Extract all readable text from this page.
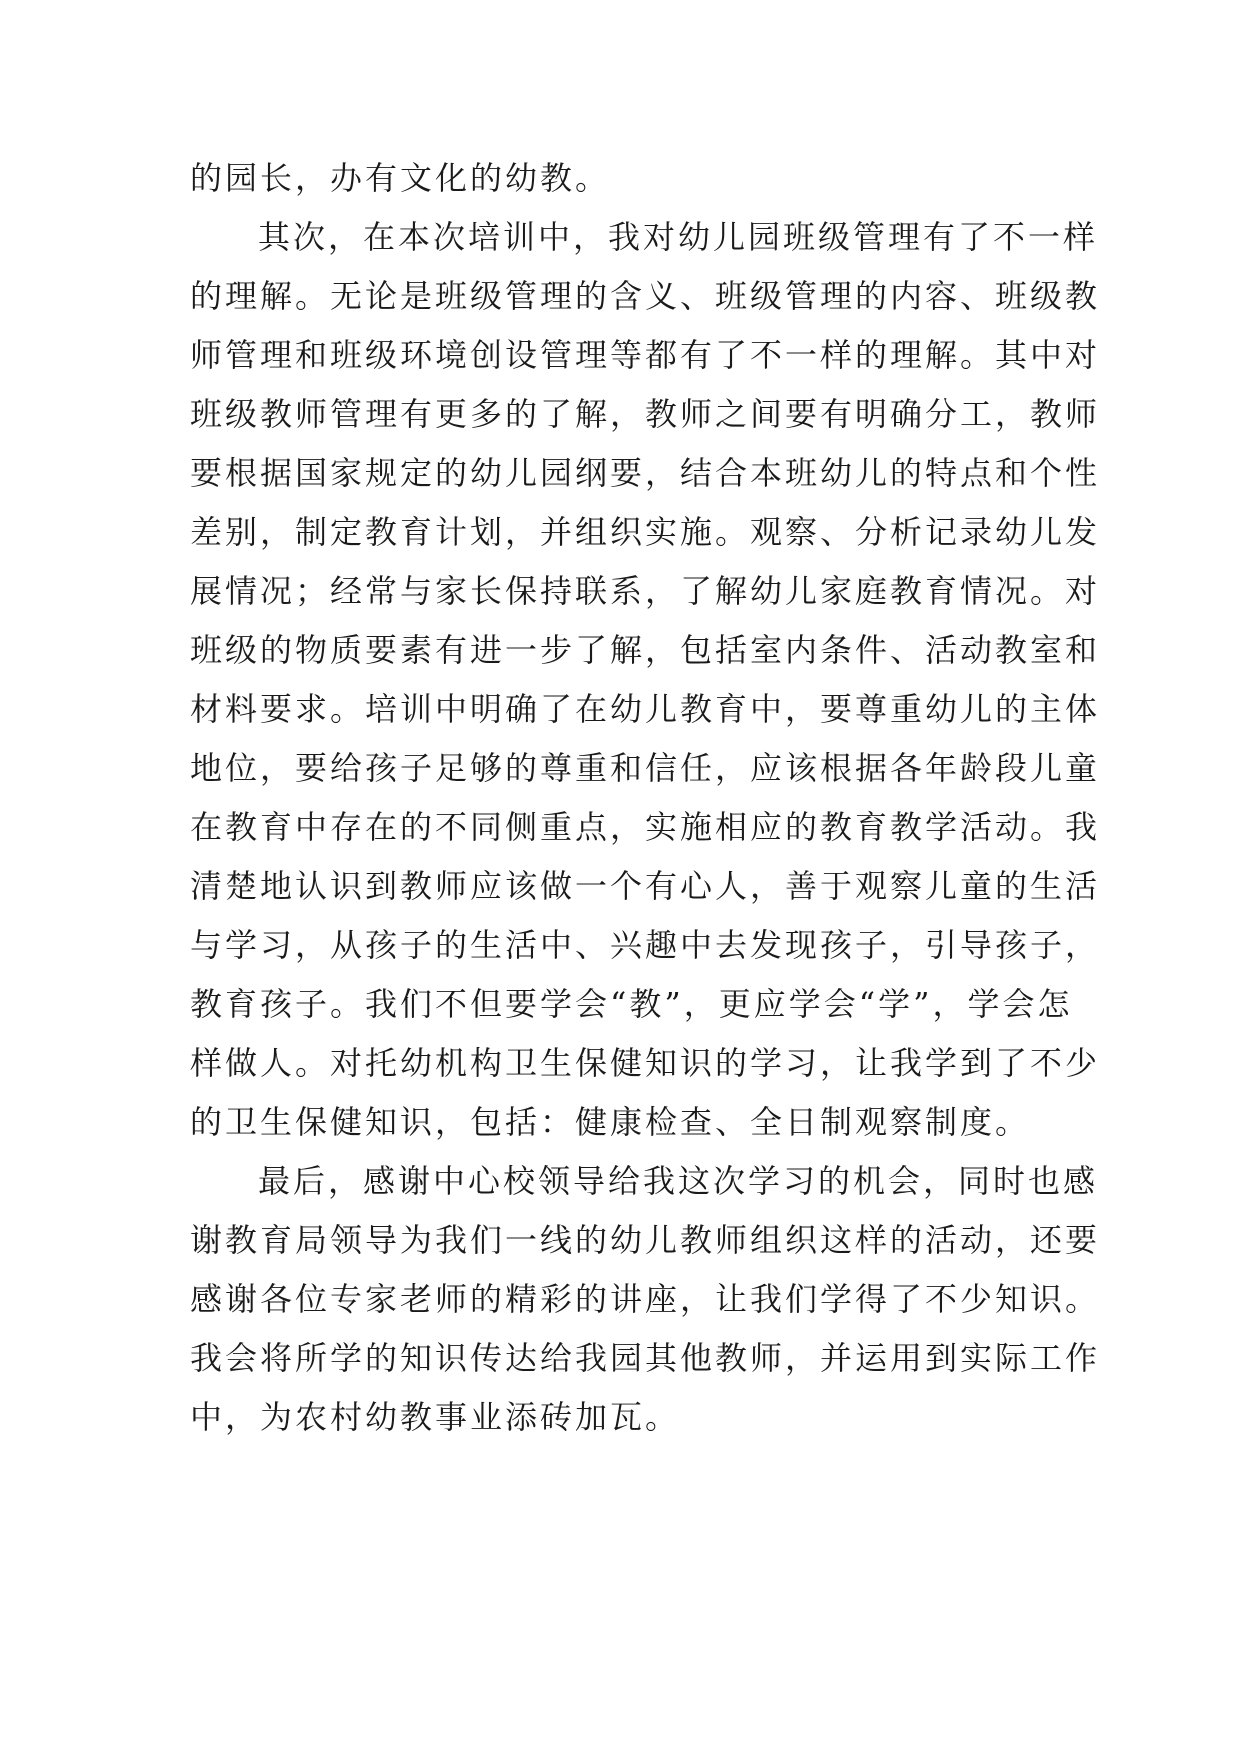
的园长，办有文化的幼教。
其次，在本次培训中，我对幼儿园班级管理有了不一样
的理解。无论是班级管理的含义、班级管理的内容、班级教
师管理和班级环境创设管理等都有了不一样的理解。其中对
班级教师管理有更多的了解，教师之间要有明确分工，教师
要根据国家规定的幼儿园纲要，结合本班幼儿的特点和个性
差别，制定教育计划，并组织实施。观察、分析记录幼儿发
展情况；经常与家长保持联系，了解幼儿家庭教育情况。对
班级的物质要素有进一步了解，包括室内条件、活动教室和
材料要求。培训中明确了在幼儿教育中，要尊重幼儿的主体
地位，要给孩子足够的尊重和信任，应该根据各年龄段儿童
在教育中存在的不同侧重点，实施相应的教育教学活动。我
清楚地认识到教师应该做一个有心人，善于观察儿童的生活
与学习，从孩子的生活中、兴趣中去发现孩子，引导孩子，
教育孩子。我们不但要学会“教”，更应学会“学”，学会怎
样做人。对托幼机构卫生保健知识的学习，让我学到了不少
的卫生保健知识，包括：健康检查、全日制观察制度。
最后，感谢中心校领导给我这次学习的机会，同时也感
谢教育局领导为我们一线的幼儿教师组织这样的活动，还要
感谢各位专家老师的精彩的讲座，让我们学得了不少知识。
我会将所学的知识传达给我园其他教师，并运用到实际工作
中，为农村幼教事业添砖加瓦。
